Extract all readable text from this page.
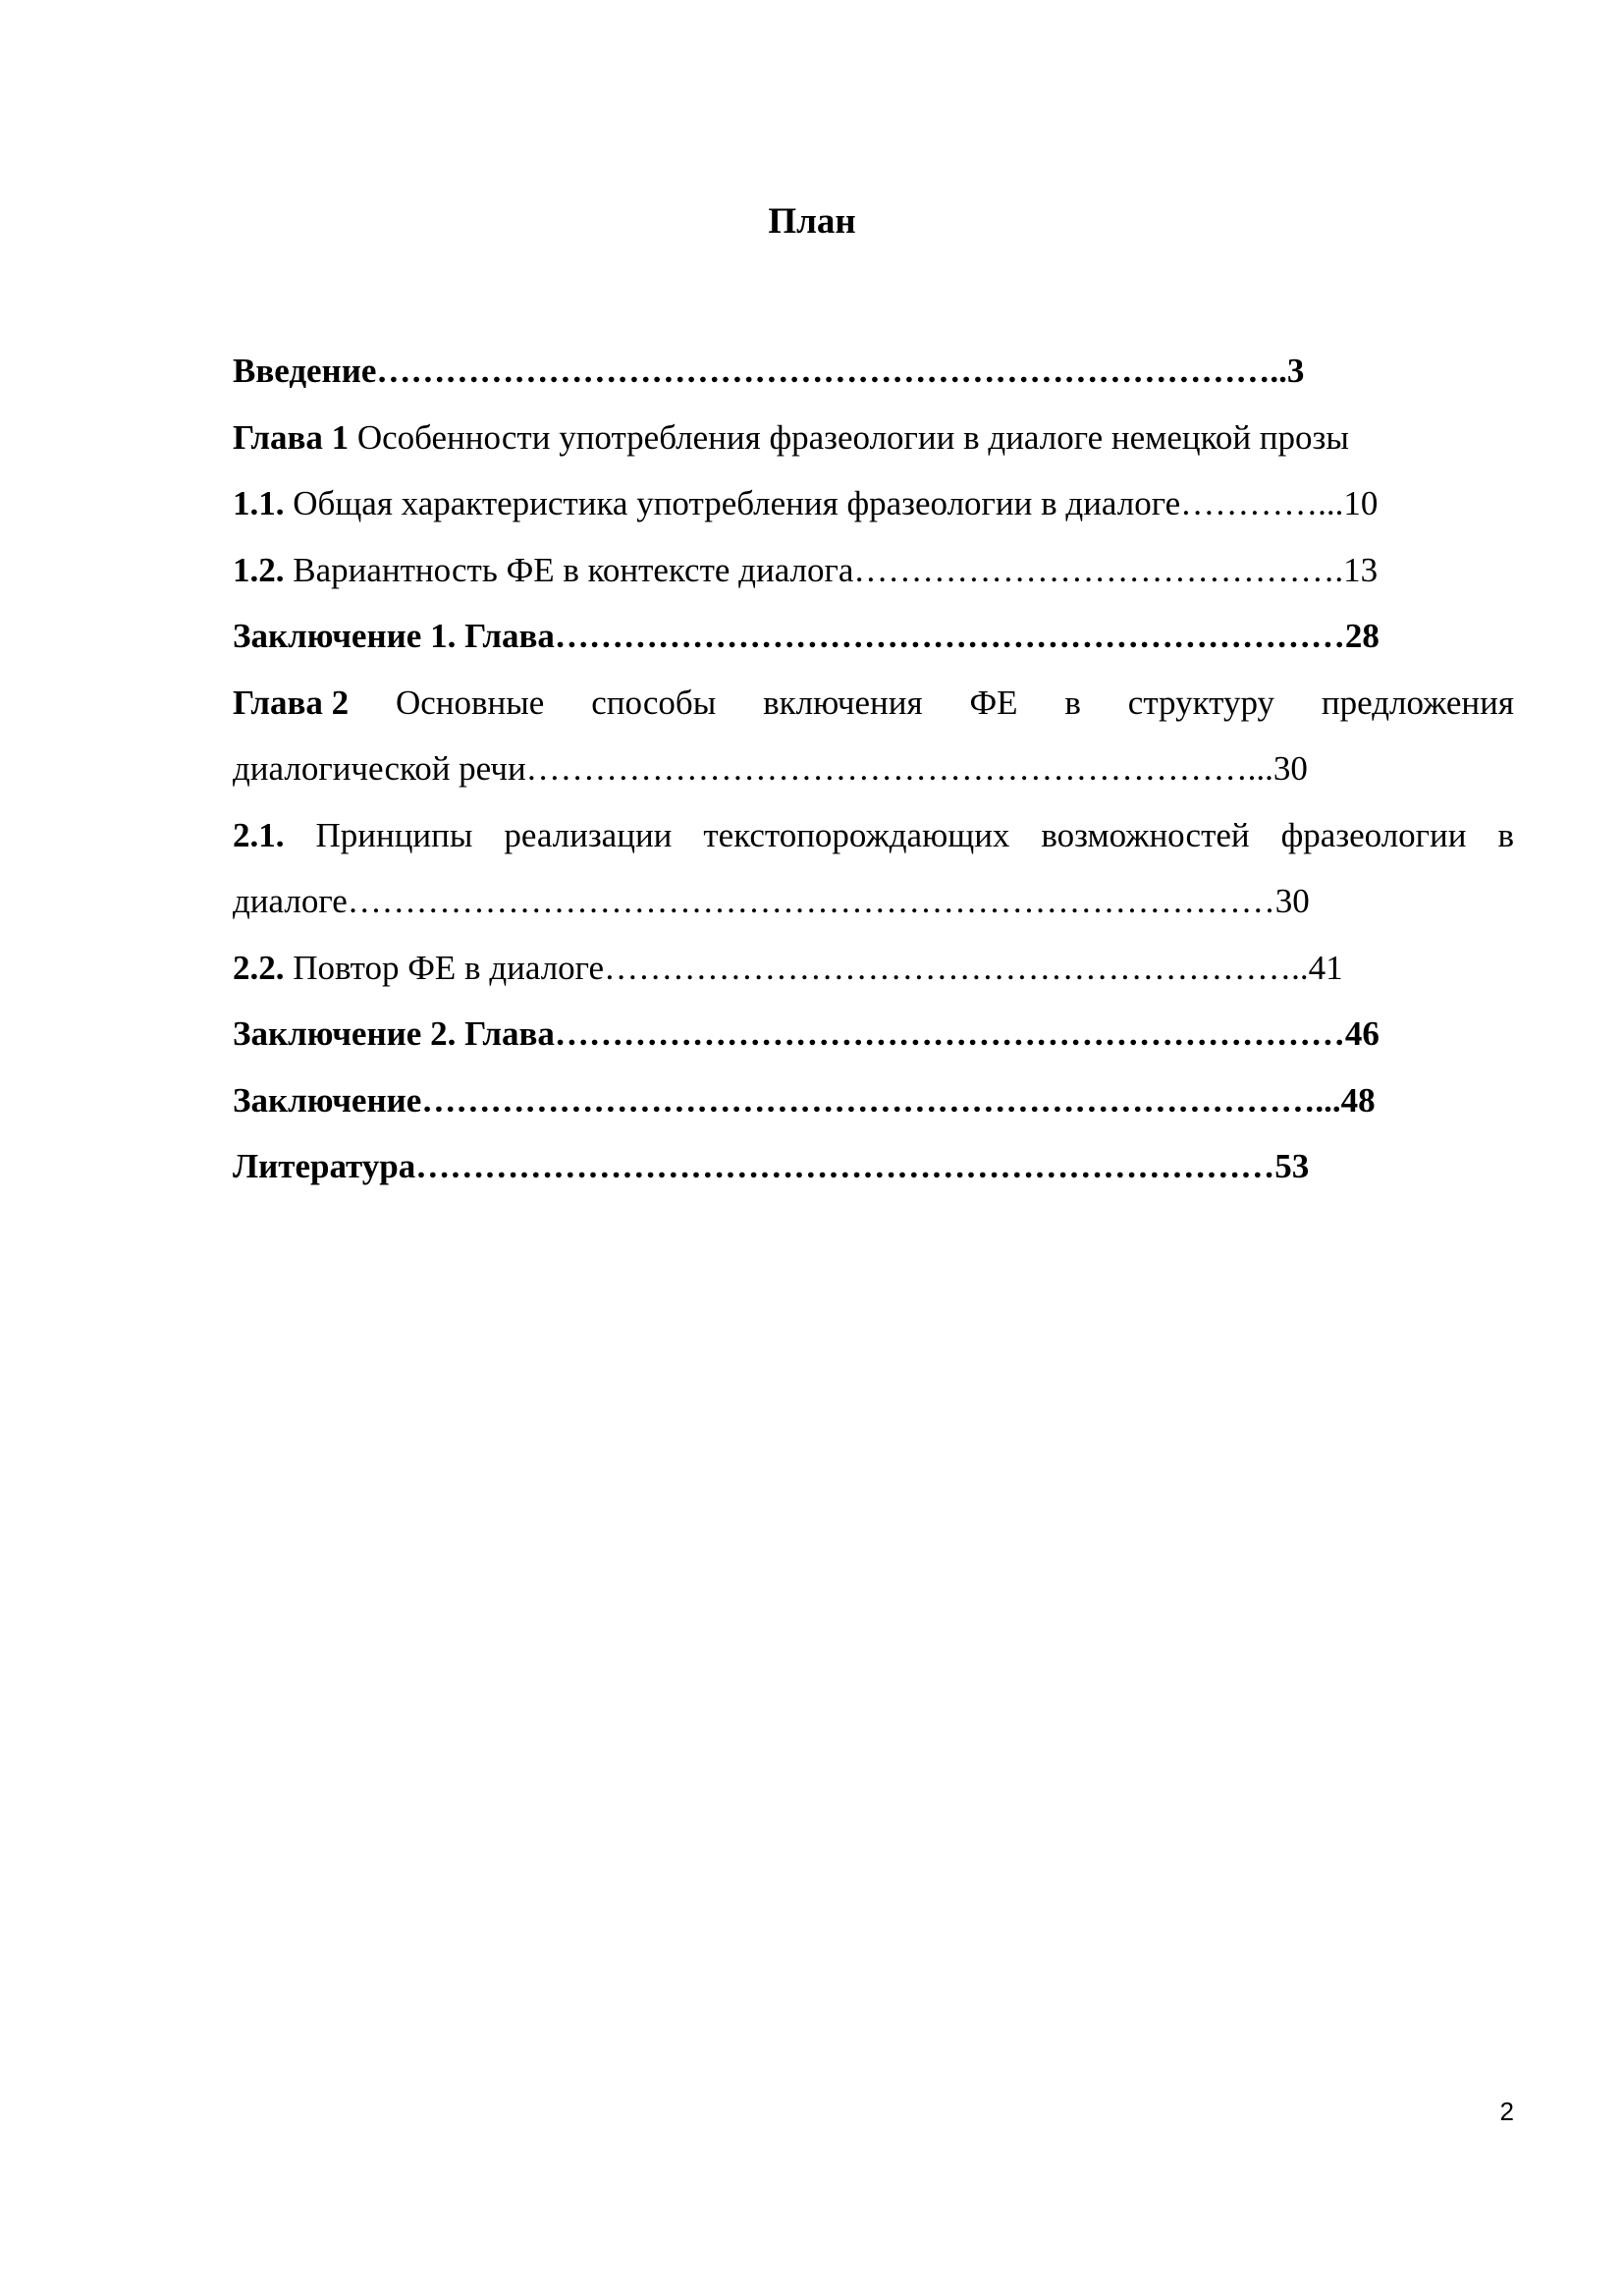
План
Введение……………………………………………………………………..3
Глава 1 Особенности употребления фразеологии в диалоге немецкой прозы
1.1. Общая характеристика употребления фразеологии в диалоге…………...10
1.2. Вариантность ФЕ в контексте диалога…………………………………….13
Заключение 1. Глава……………………………………………………………28
Глава 2 Основные способы включения ФЕ в структуру предложения
диалогической речи………………………………………………………...30
2.1. Принципы реализации текстопорождающих возможностей фразеологии в
диалоге………………………………………………………………………30
2.2. Повтор ФЕ в диалоге……………………………………………………..41
Заключение 2. Глава……………………………………………………………46
Заключение……………………………………………………………………...48
Литература…………………………………………………………………53
2
